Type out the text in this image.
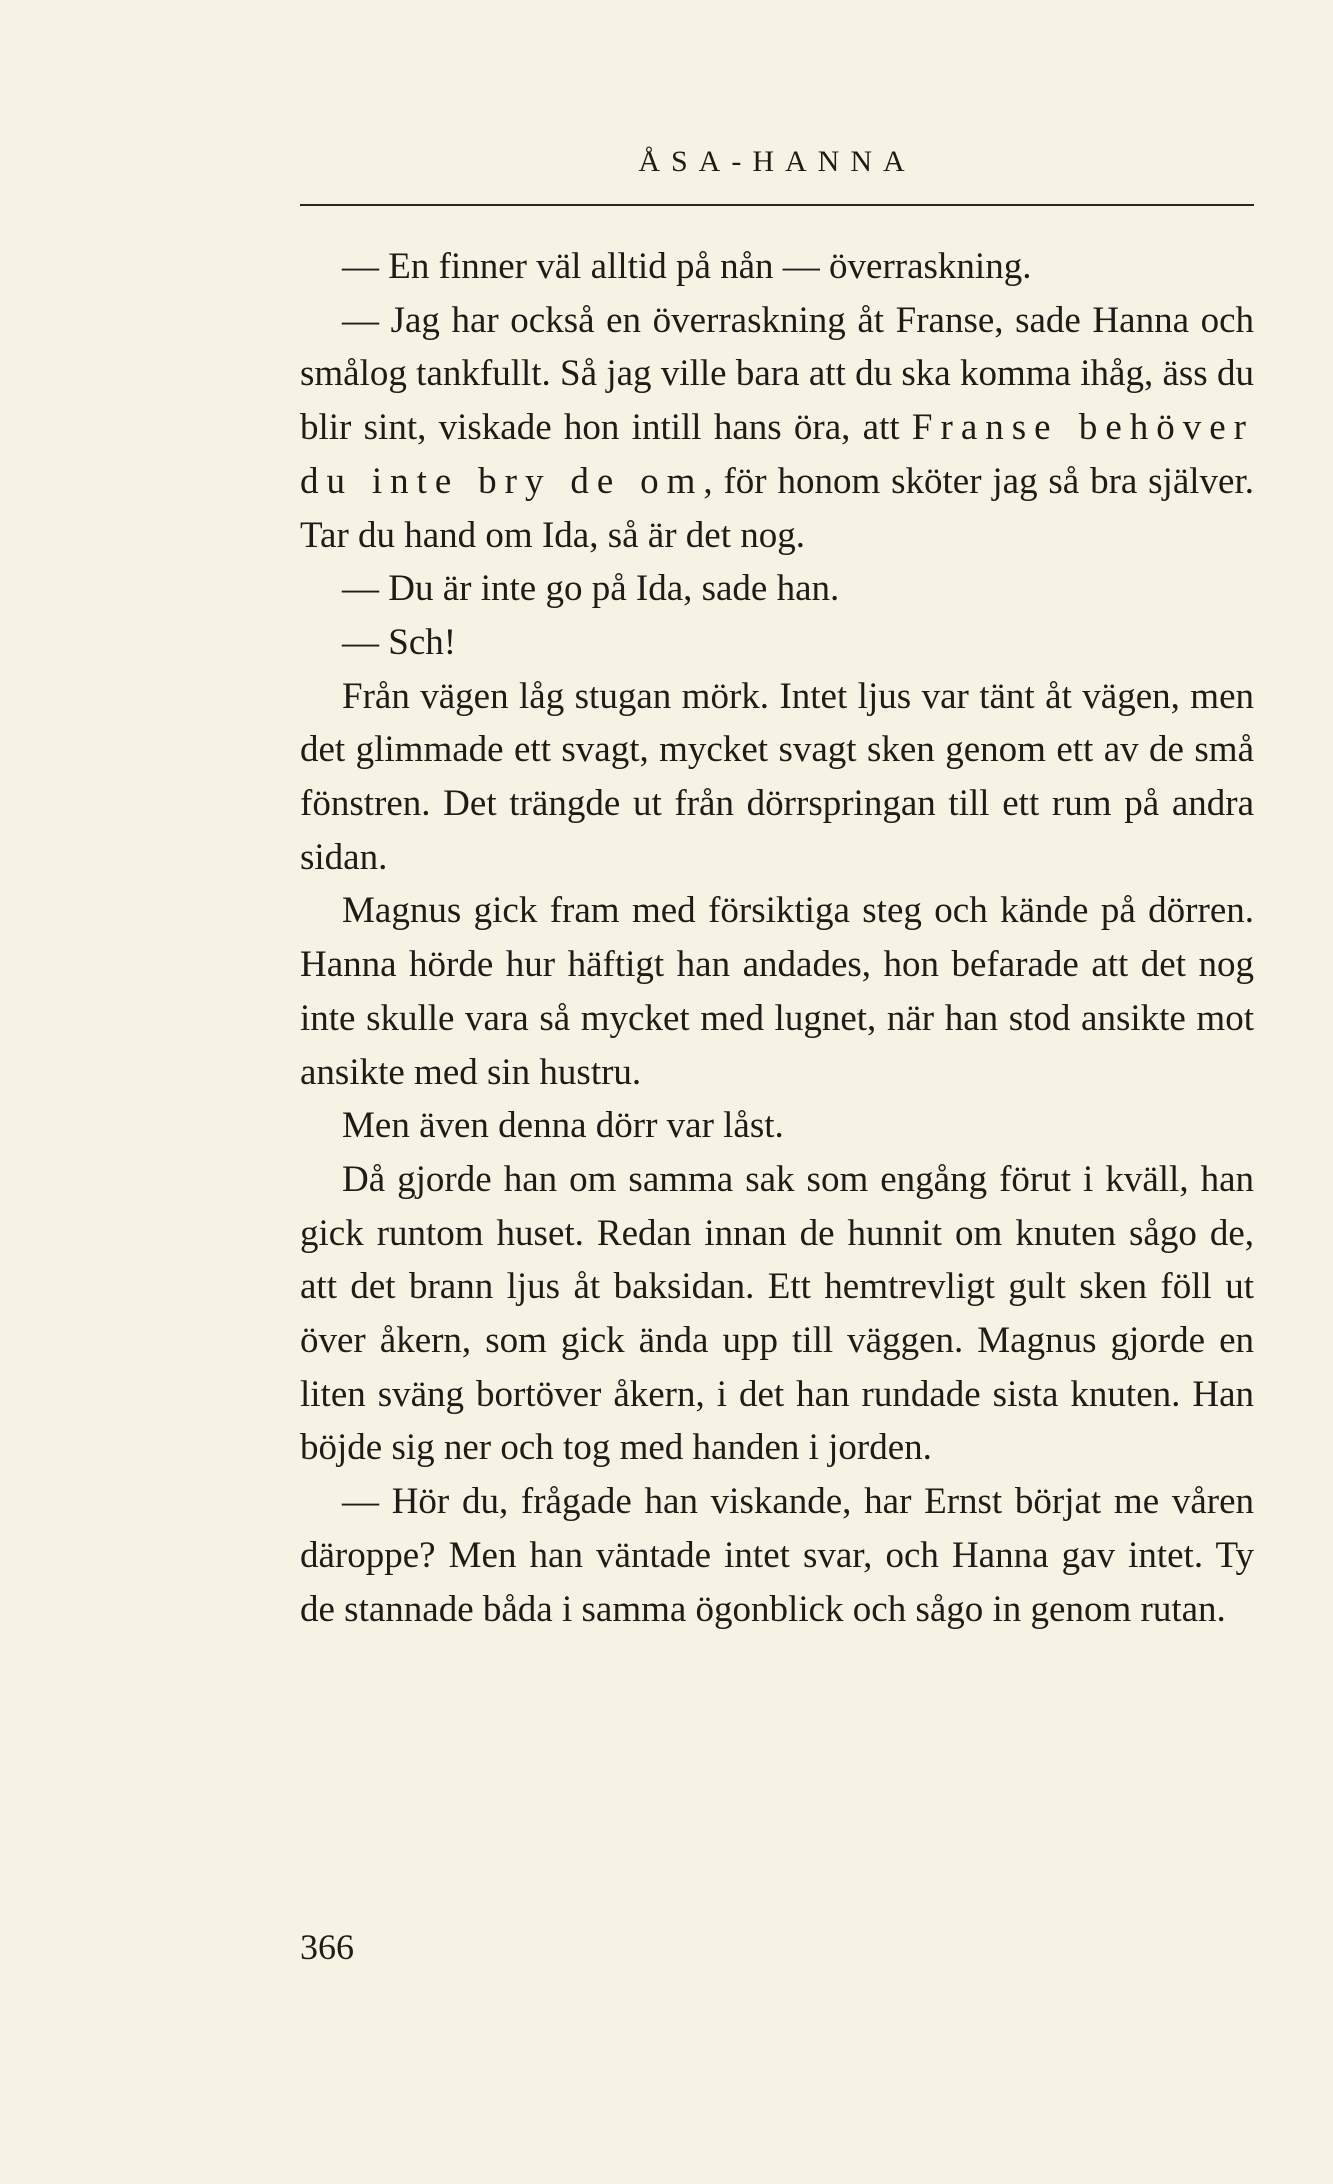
ÅSA-HANNA

— En finner väl alltid på nån — överraskning.

— Jag har också en överraskning åt Franse, sade Hanna och smålog tankfullt. Så jag ville bara att du ska komma ihåg, äss du blir sint, viskade hon intill hans öra, att Franse behöver du inte bry de om, för honom sköter jag så bra själver. Tar du hand om Ida, så är det nog.

— Du är inte go på Ida, sade han.

— Sch!

Från vägen låg stugan mörk. Intet ljus var tänt åt vägen, men det glimmade ett svagt, mycket svagt sken genom ett av de små fönstren. Det trängde ut från dörrspringan till ett rum på andra sidan.

Magnus gick fram med försiktiga steg och kände på dörren. Hanna hörde hur häftigt han andades, hon befarade att det nog inte skulle vara så mycket med lugnet, när han stod ansikte mot ansikte med sin hustru.

Men även denna dörr var låst.

Då gjorde han om samma sak som engång förut i kväll, han gick runtom huset. Redan innan de hunnit om knuten sågo de, att det brann ljus åt baksidan. Ett hemtrevligt gult sken föll ut över åkern, som gick ända upp till väggen. Magnus gjorde en liten sväng bortöver åkern, i det han rundade sista knuten. Han böjde sig ner och tog med handen i jorden.

— Hör du, frågade han viskande, har Ernst börjat me våren däroppe? Men han väntade intet svar, och Hanna gav intet. Ty de stannade båda i samma ögonblick och sågo in genom rutan.

366
